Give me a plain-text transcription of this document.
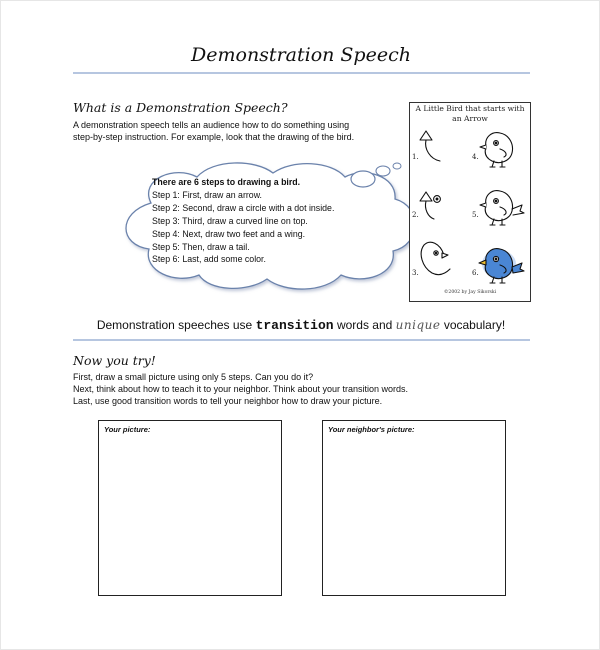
Demonstration Speech
What is a Demonstration Speech?
A demonstration speech tells an audience how to do something using
step-by-step instruction. For example, look that the drawing of the bird.
There are 6 steps to drawing a bird.
Step 1: First, draw an arrow.
Step 2: Second, draw a circle with a dot inside.
Step 3: Third, draw a curved line on top.
Step 4: Next, draw two feet and a wing.
Step 5: Then, draw a tail.
Step 6: Last, add some color.
A Little Bird that starts with
an Arrow
1.
2.
3.
4.
5.
6.
©2002 by Jay Sikorski
Demonstration speeches use transition words and unique vocabulary!
Now you try!
First, draw a small picture using only 5 steps. Can you do it?
Next, think about how to teach it to your neighbor. Think about your transition words.
Last, use good transition words to tell your neighbor how to draw your picture.
Your picture:	Your neighbor's picture:
